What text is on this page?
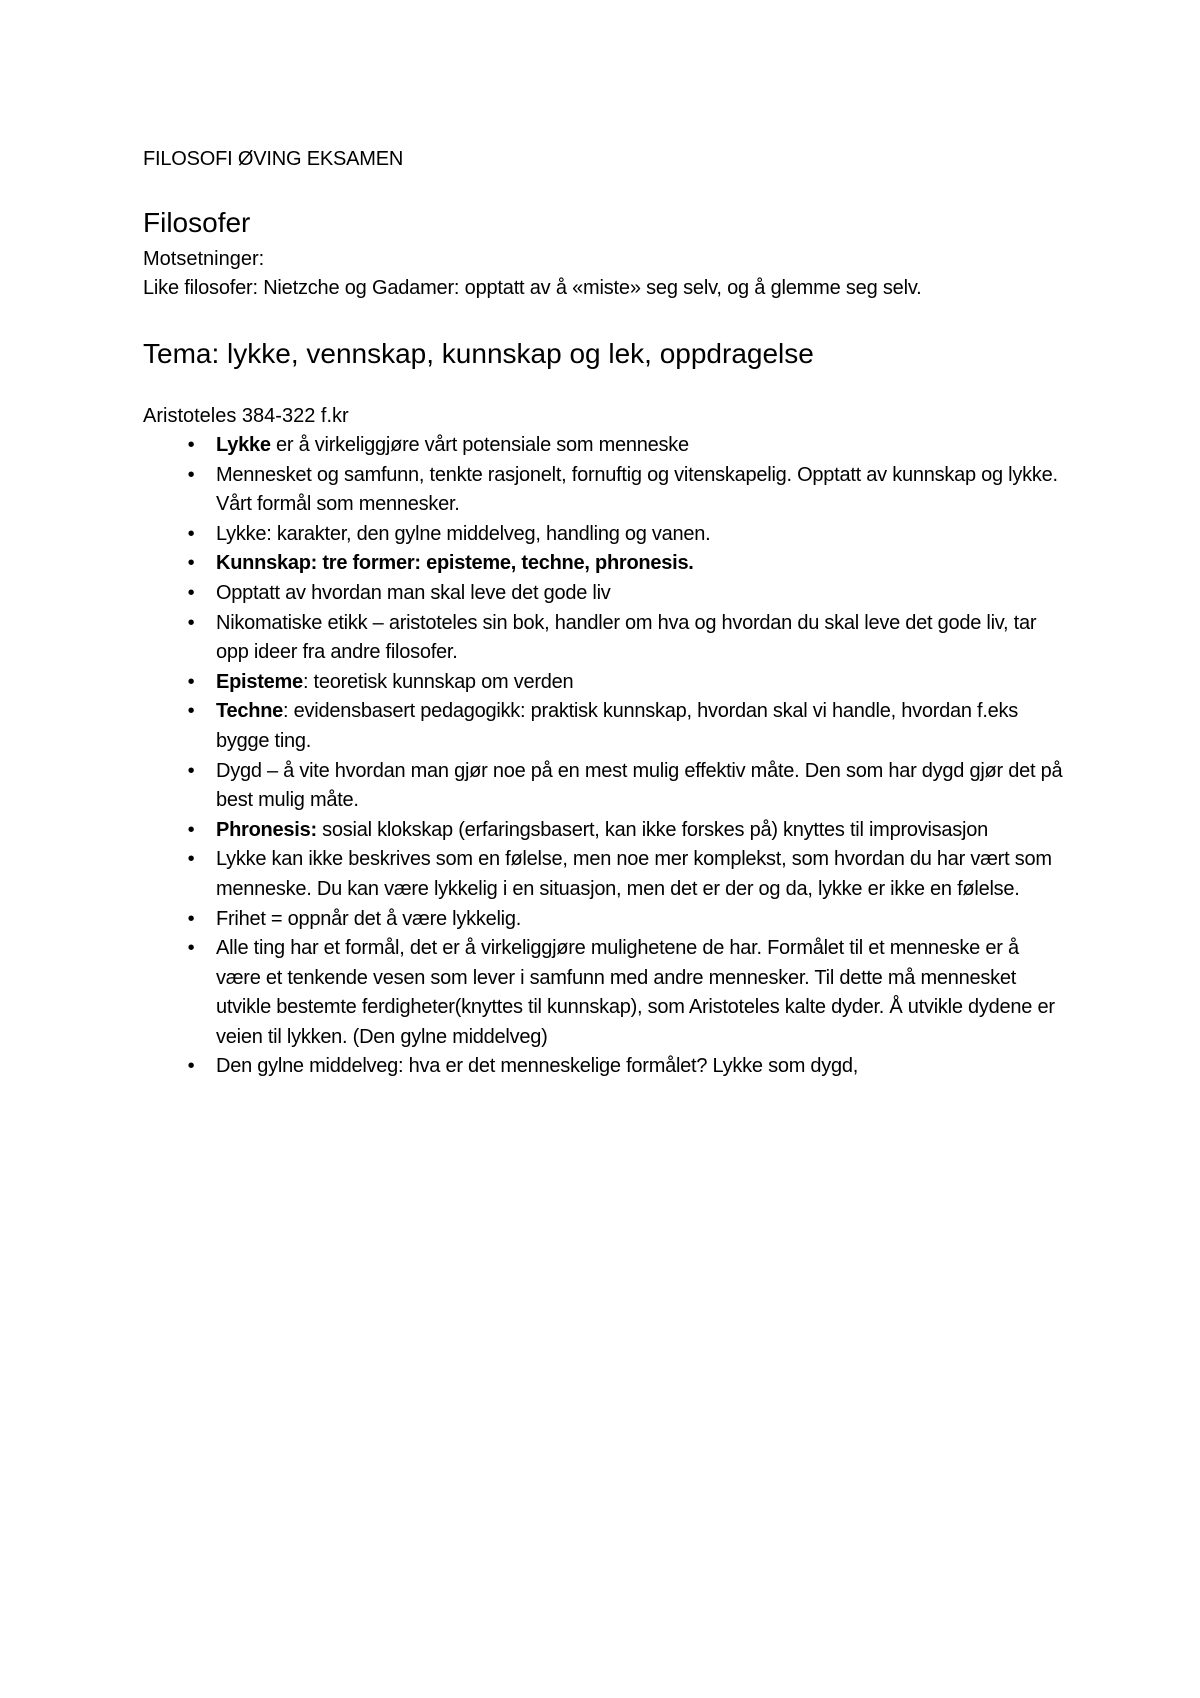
FILOSOFI ØVING EKSAMEN

Filosofer

Motsetninger:

Like filosofer: Nietzche og Gadamer: opptatt av å «miste» seg selv, og å glemme seg selv.

Tema: lykke, vennskap, kunnskap og lek, oppdragelse

Aristoteles 384-322 f.kr

• Lykke er å virkeliggjøre vårt potensiale som menneske
• Mennesket og samfunn, tenkte rasjonelt, fornuftig og vitenskapelig. Opptatt av kunnskap og lykke. Vårt formål som mennesker.
• Lykke: karakter, den gylne middelveg, handling og vanen.
• Kunnskap: tre former: episteme, techne, phronesis.
• Opptatt av hvordan man skal leve det gode liv
• Nikomatiske etikk – aristoteles sin bok, handler om hva og hvordan du skal leve det gode liv, tar opp ideer fra andre filosofer.
• Episteme: teoretisk kunnskap om verden
• Techne: evidensbasert pedagogikk: praktisk kunnskap, hvordan skal vi handle, hvordan f.eks bygge ting.
• Dygd – å vite hvordan man gjør noe på en mest mulig effektiv måte. Den som har dygd gjør det på best mulig måte.
• Phronesis: sosial klokskap (erfaringsbasert, kan ikke forskes på) knyttes til improvisasjon
• Lykke kan ikke beskrives som en følelse, men noe mer komplekst, som hvordan du har vært som menneske. Du kan være lykkelig i en situasjon, men det er der og da, lykke er ikke en følelse.
• Frihet = oppnår det å være lykkelig.
• Alle ting har et formål, det er å virkeliggjøre mulighetene de har. Formålet til et menneske er å være et tenkende vesen som lever i samfunn med andre mennesker. Til dette må mennesket utvikle bestemte ferdigheter(knyttes til kunnskap), som Aristoteles kalte dyder. Å utvikle dydene er veien til lykken. (Den gylne middelveg)
• Den gylne middelveg: hva er det menneskelige formålet? Lykke som dygd,
